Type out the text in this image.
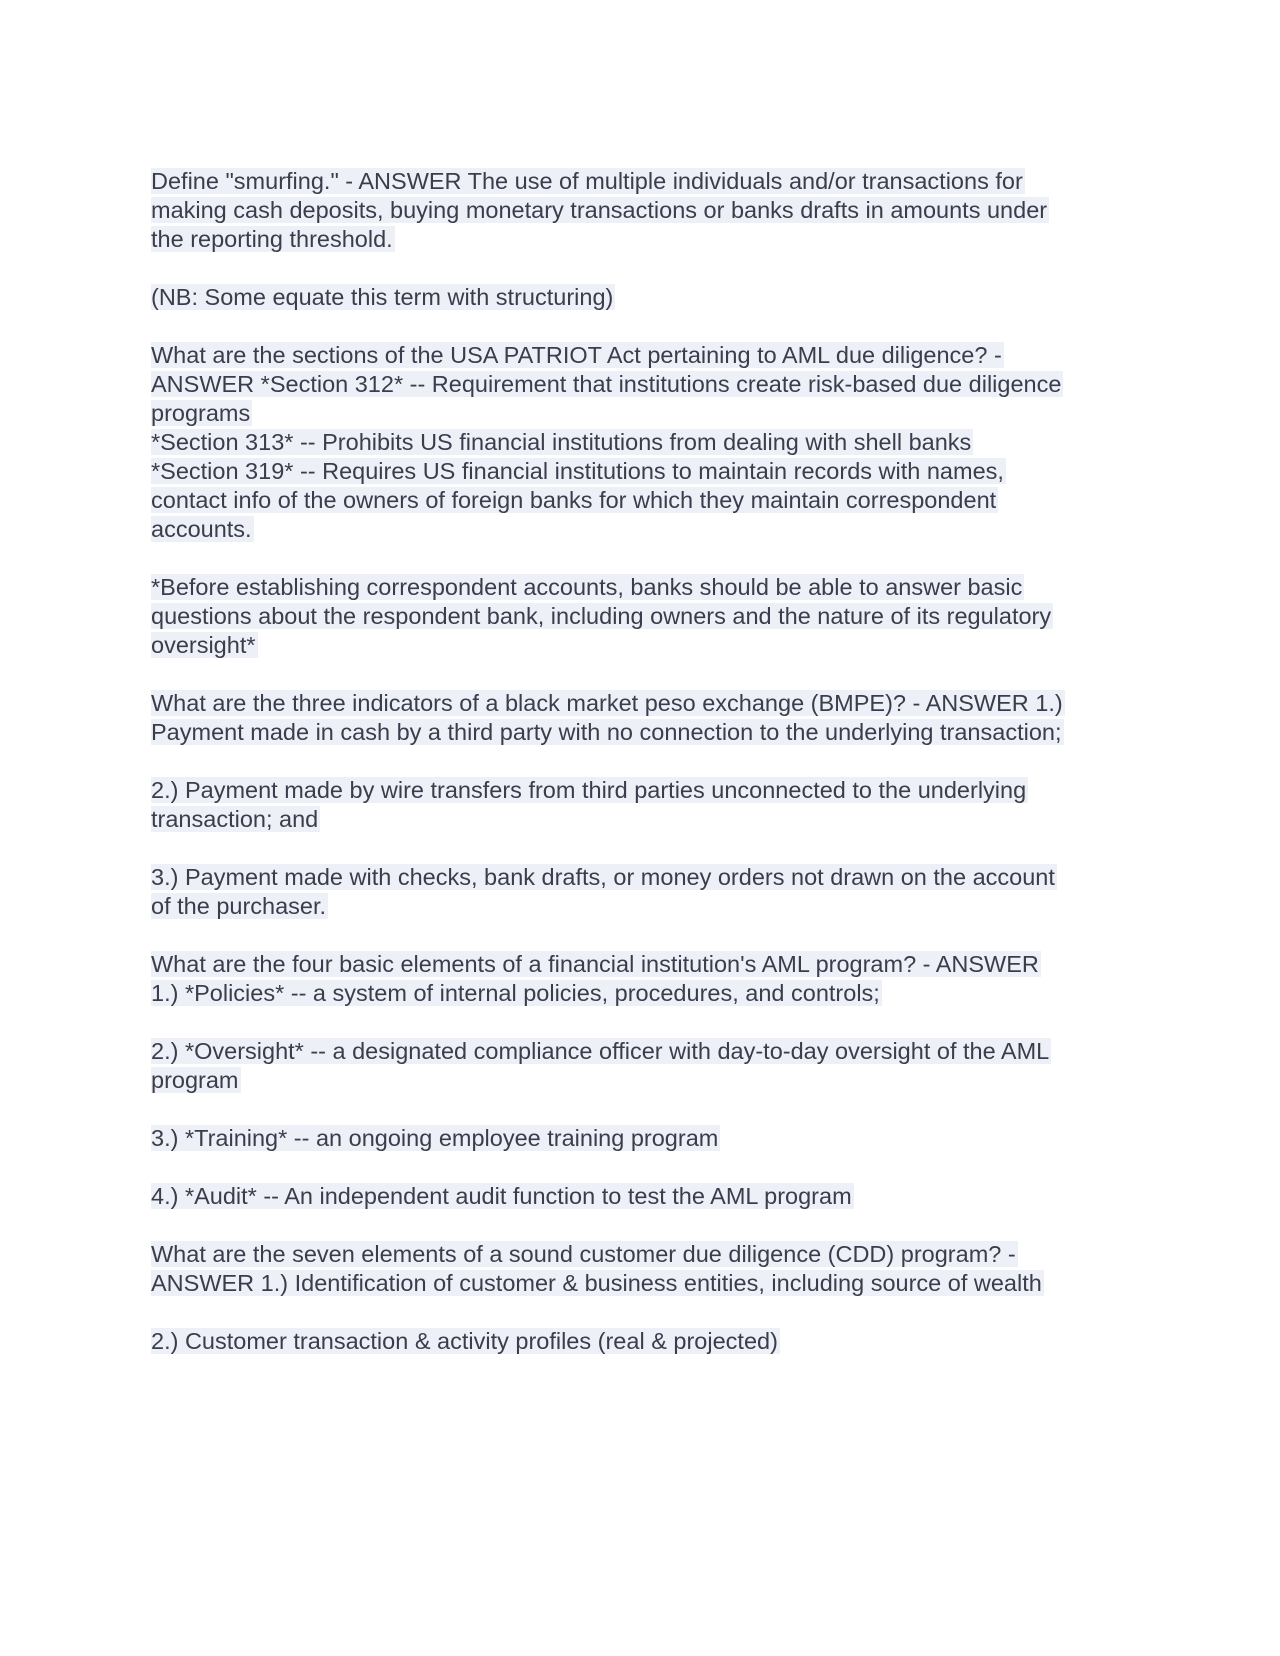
Define "smurfing." - ANSWER The use of multiple individuals and/or transactions for
making cash deposits, buying monetary transactions or banks drafts in amounts under
the reporting threshold.
(NB: Some equate this term with structuring)
What are the sections of the USA PATRIOT Act pertaining to AML due diligence? -
ANSWER *Section 312* -- Requirement that institutions create risk-based due diligence
programs
*Section 313* -- Prohibits US financial institutions from dealing with shell banks
*Section 319* -- Requires US financial institutions to maintain records with names,
contact info of the owners of foreign banks for which they maintain correspondent
accounts.
*Before establishing correspondent accounts, banks should be able to answer basic
questions about the respondent bank, including owners and the nature of its regulatory
oversight*
What are the three indicators of a black market peso exchange (BMPE)? - ANSWER 1.)
Payment made in cash by a third party with no connection to the underlying transaction;
2.) Payment made by wire transfers from third parties unconnected to the underlying
transaction; and
3.) Payment made with checks, bank drafts, or money orders not drawn on the account
of the purchaser.
What are the four basic elements of a financial institution's AML program? - ANSWER
1.) *Policies* -- a system of internal policies, procedures, and controls;
2.) *Oversight* -- a designated compliance officer with day-to-day oversight of the AML
program
3.) *Training* -- an ongoing employee training program
4.) *Audit* -- An independent audit function to test the AML program
What are the seven elements of a sound customer due diligence (CDD) program? -
ANSWER 1.) Identification of customer & business entities, including source of wealth
2.) Customer transaction & activity profiles (real & projected)
